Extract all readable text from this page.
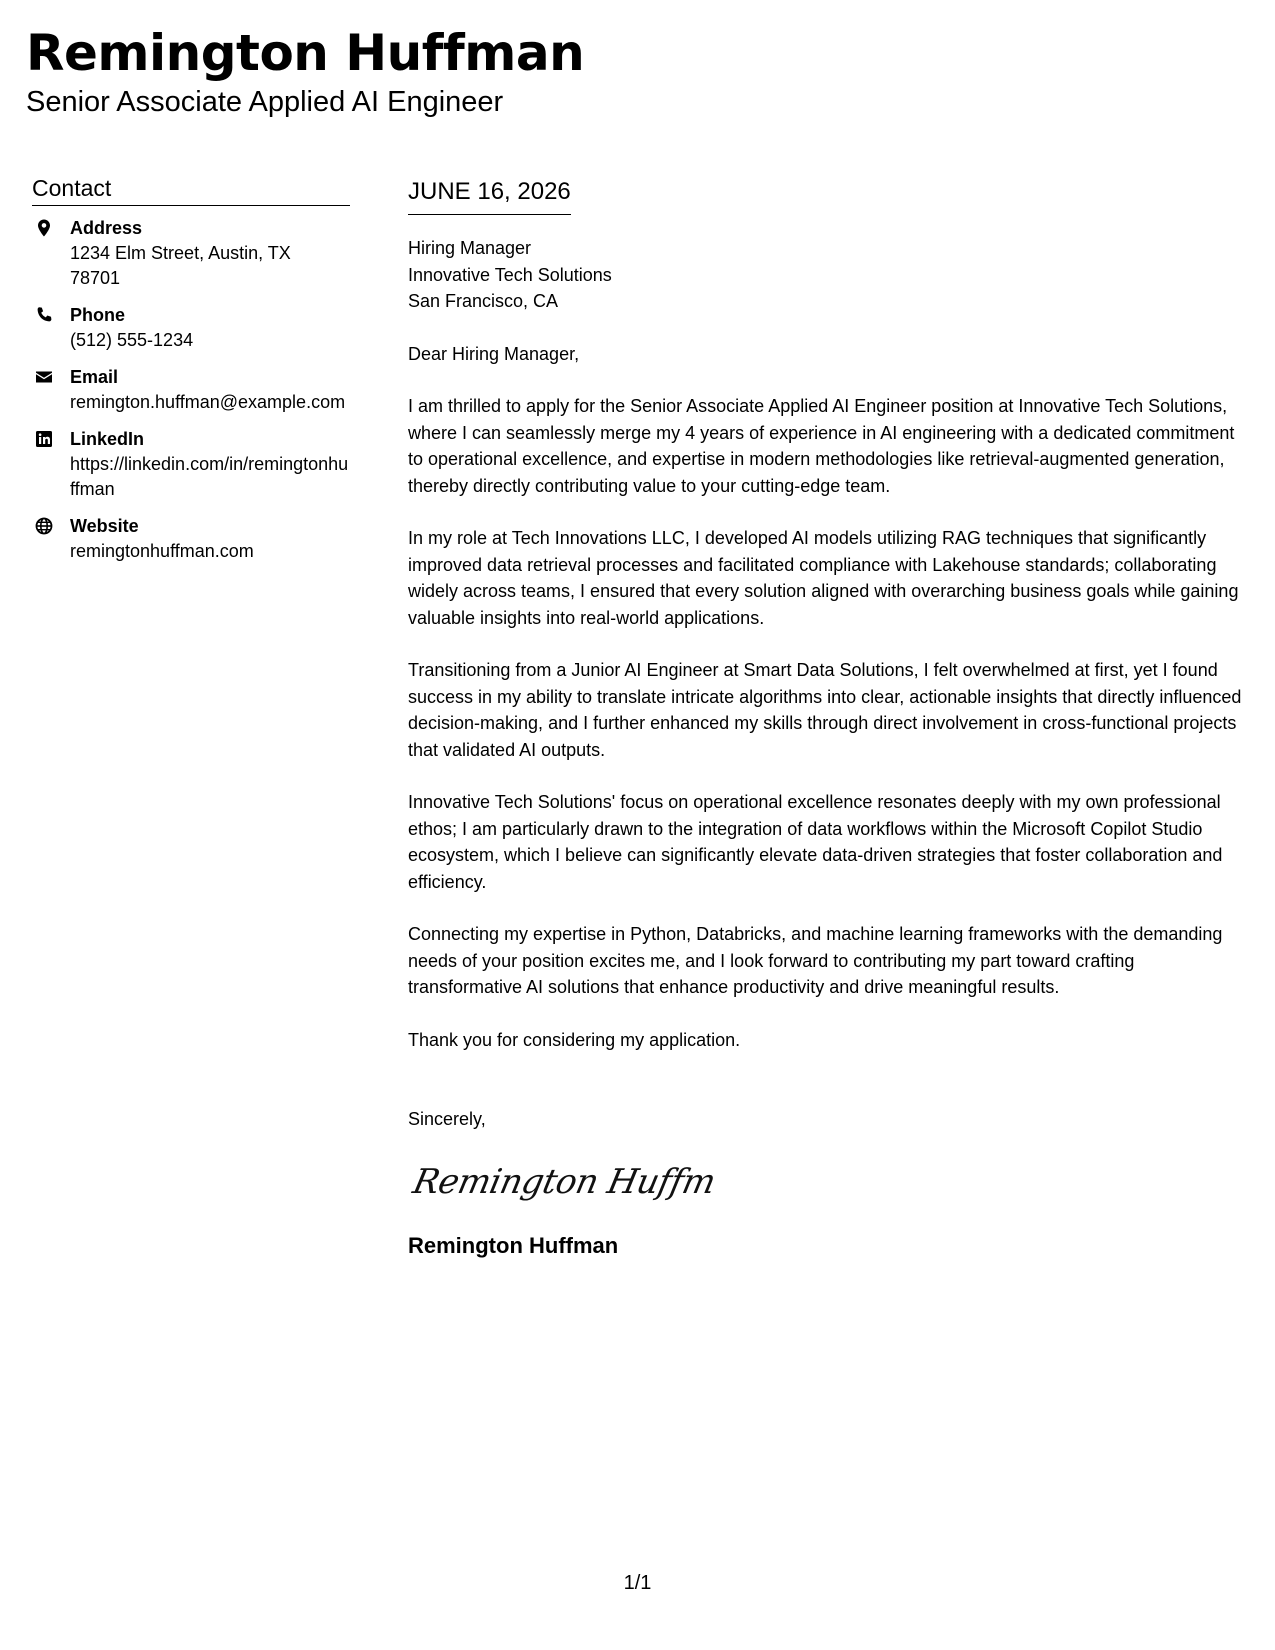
Remington Huffman
Senior Associate Applied AI Engineer
Contact
Address
1234 Elm Street, Austin, TX 78701
Phone
(512) 555-1234
Email
remington.huffman@example.com
LinkedIn
https://linkedin.com/in/remingtonhuffman
Website
remingtonhuffman.com
JUNE 16, 2026
Hiring Manager
Innovative Tech Solutions
San Francisco, CA
Dear Hiring Manager,
I am thrilled to apply for the Senior Associate Applied AI Engineer position at Innovative Tech Solutions, where I can seamlessly merge my 4 years of experience in AI engineering with a dedicated commitment to operational excellence, and expertise in modern methodologies like retrieval-augmented generation, thereby directly contributing value to your cutting-edge team.
In my role at Tech Innovations LLC, I developed AI models utilizing RAG techniques that significantly improved data retrieval processes and facilitated compliance with Lakehouse standards; collaborating widely across teams, I ensured that every solution aligned with overarching business goals while gaining valuable insights into real-world applications.
Transitioning from a Junior AI Engineer at Smart Data Solutions, I felt overwhelmed at first, yet I found success in my ability to translate intricate algorithms into clear, actionable insights that directly influenced decision-making, and I further enhanced my skills through direct involvement in cross-functional projects that validated AI outputs.
Innovative Tech Solutions' focus on operational excellence resonates deeply with my own professional ethos; I am particularly drawn to the integration of data workflows within the Microsoft Copilot Studio ecosystem, which I believe can significantly elevate data-driven strategies that foster collaboration and efficiency.
Connecting my expertise in Python, Databricks, and machine learning frameworks with the demanding needs of your position excites me, and I look forward to contributing my part toward crafting transformative AI solutions that enhance productivity and drive meaningful results.
Thank you for considering my application.
Sincerely,
Remington Huffm
Remington Huffman
1/1
